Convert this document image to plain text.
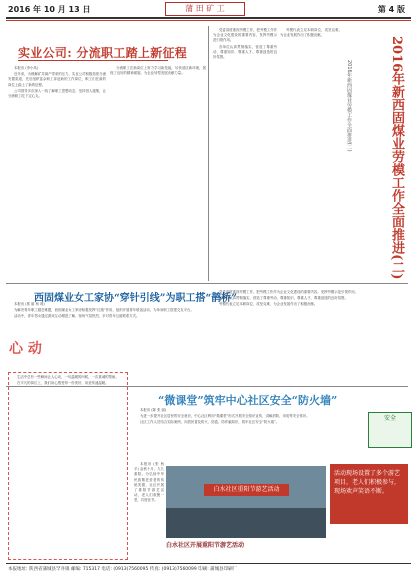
2016 年 10 月 13 日	蒲 田 矿 工	第 4 版
实业公司: 分流职工踏上新征程

本报讯 (李小凤)

近年来，为缓解矿井减产带来的压力，实业公司积极拓宽分流安置渠道，先后组织富余职工奔赴新的工作岗位，职工们在新的岗位上踏上了新的征程。

公司领导多次深入一线了解职工思想动态，坚持因人施策，让分流职工吃下定心丸。

分流职工在新岗位上努力学习新技能，尽快适应新环境，展现了良好的精神面貌，为企业转型发展贡献力量。

党委高度重视劳模工作，把劳模工作作为企业文化建设的重要内容，发挥劳模示范引领作用。

各单位认真贯彻落实，营造了尊重劳动、尊重知识、尊重人才、尊重创造的良好氛围。

劳模代表立足本职岗位，攻坚克难，为企业发展作出了积极贡献。

2016年新西固煤业劳模工作全面推进(二)
2016年新西固煤业劳模工作全面推进(二)
西固煤业女工家协“穿针引线”为职工搭“鹊桥”

本报讯 (郭 丽 杨 莉)

为解决青年职工婚恋难题，西固煤业女工家协积极发挥“红娘”作用，组织开展青年联谊活动，为单身职工搭建交友平台。

活动中，青年男女通过游戏互动增进了解，现场气氛热烈，多对青年互留联系方式。

党委高度重视劳模工作，把劳模工作作为企业文化建设的重要内容，发挥劳模示范引领作用。

各单位认真贯彻落实，营造了尊重劳动、尊重知识、尊重人才、尊重创造的良好氛围。

劳模代表立足本职岗位，攻坚克难，为企业发展作出了积极贡献。

心 动

生活中总有一些瞬间让人心动，一句温暖的问候，一次真诚的帮助。

在平凡的岗位上，我们用心感受每一份美好，用爱传递温暖。

“微课堂”筑牢中心社区安全“防火墙”

本报讯 (陈 张 丽)

为进一步提升社区居民的安全意识，中心社区利用“微课堂”形式开展安全知识宣传，讲解消防、用电等安全常识。

社区工作人员结合实际案例，向居民普及防火、防盗、防诈骗知识，筑牢社区安全“防火墙”。

安全

本报讯 (张 秋 平) 金秋十月，九九重阳。为弘扬中华民族敬老爱老的传统美德，社区开展了重阳节游艺活动，老人们欢聚一堂，共度佳节。

白水社区重阳节游艺活动
白水社区开展重阳节游艺活动
活动现场设置了多个游艺项目，老人们积极参与，现场欢声笑语不断。
本报地址: 陕西省蒲城县罕井镇 邮编: 715317 电话: (0913)7560095 传真: (0913)7560099 印刷: 蒲城县印刷厂
